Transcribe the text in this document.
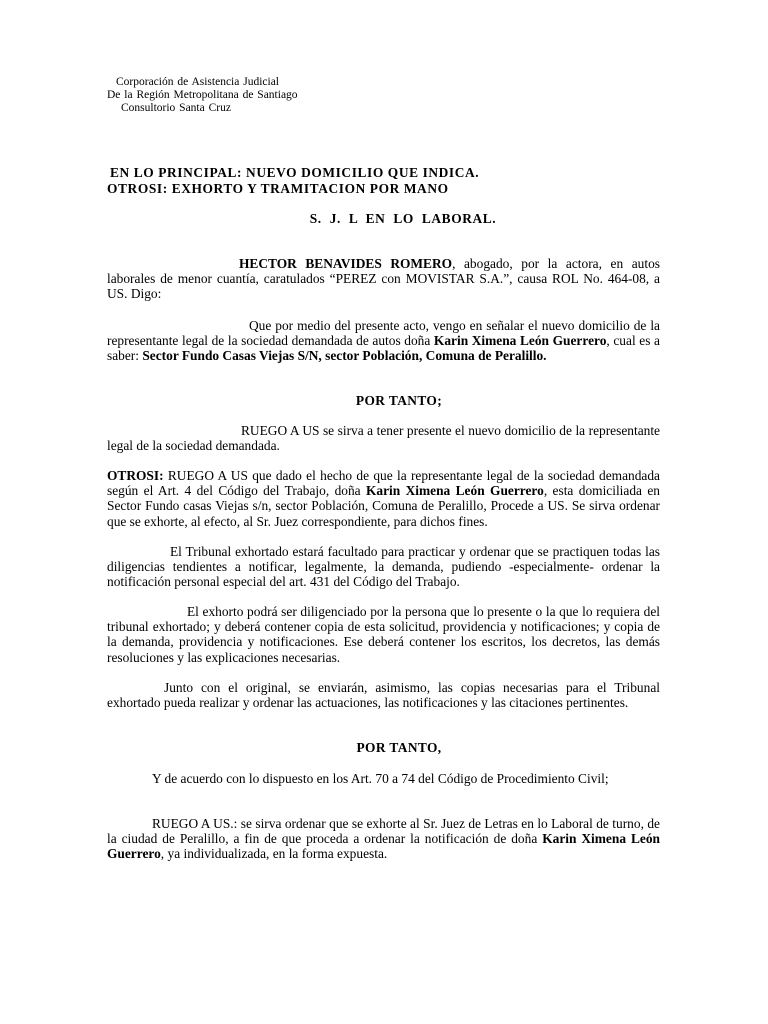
Corporación de Asistencia Judicial
De la Región Metropolitana de Santiago
Consultorio Santa Cruz
EN LO PRINCIPAL: NUEVO DOMICILIO QUE INDICA.
OTROSI: EXHORTO Y TRAMITACION POR MANO
S. J. L EN LO LABORAL.
HECTOR BENAVIDES ROMERO, abogado, por la actora, en autos laborales de menor cuantía, caratulados “PEREZ con MOVISTAR S.A.”, causa ROL No. 464-08, a US. Digo:
Que por medio del presente acto, vengo en señalar el nuevo domicilio de la representante legal de la sociedad demandada de autos doña Karin Ximena León Guerrero, cual es a saber: Sector Fundo Casas Viejas S/N, sector Población, Comuna de Peralillo.
POR TANTO;
RUEGO A US se sirva a tener presente el nuevo domicilio de la representante legal de la sociedad demandada.
OTROSI: RUEGO A US que dado el hecho de que la representante legal de la sociedad demandada según el Art. 4 del Código del Trabajo, doña Karin Ximena León Guerrero, esta domiciliada en Sector Fundo casas Viejas s/n, sector Población, Comuna de Peralillo, Procede a US. Se sirva ordenar que se exhorte, al efecto, al Sr. Juez correspondiente, para dichos fines.
El Tribunal exhortado estará facultado para practicar y ordenar que se practiquen todas las diligencias tendientes a notificar, legalmente, la demanda, pudiendo -especialmente- ordenar la notificación personal especial del art. 431 del Código del Trabajo.
El exhorto podrá ser diligenciado por la persona que lo presente o la que lo requiera del tribunal exhortado; y deberá contener copia de esta solicitud, providencia y notificaciones; y copia de la demanda, providencia y notificaciones. Ese deberá contener los escritos, los decretos, las demás resoluciones y las explicaciones necesarias.
Junto con el original, se enviarán, asimismo, las copias necesarias para el Tribunal exhortado pueda realizar y ordenar las actuaciones, las notificaciones y las citaciones pertinentes.
POR TANTO,
Y de acuerdo con lo dispuesto en los Art. 70 a 74 del Código de Procedimiento Civil;
RUEGO A US.: se sirva ordenar que se exhorte al Sr. Juez de Letras en lo Laboral de turno, de la ciudad de Peralillo, a fin de que proceda a ordenar la notificación de doña Karin Ximena León Guerrero, ya individualizada, en la forma expuesta.
